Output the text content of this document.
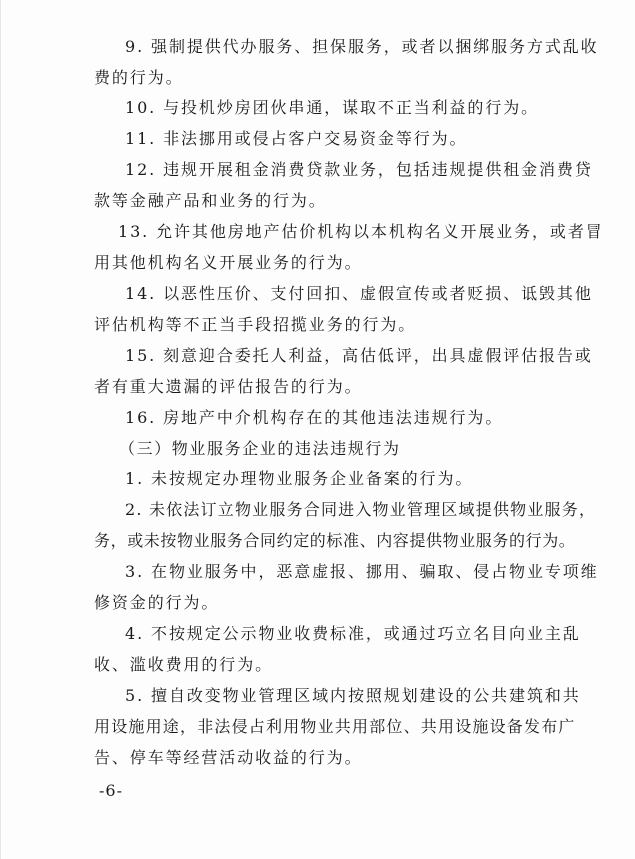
9. 强制提供代办服务、担保服务，或者以捆绑服务方式乱收
费的行为。
10. 与投机炒房团伙串通，谋取不正当利益的行为。
11. 非法挪用或侵占客户交易资金等行为。
12. 违规开展租金消费贷款业务，包括违规提供租金消费贷
款等金融产品和业务的行为。
13. 允许其他房地产估价机构以本机构名义开展业务，或者冒
用其他机构名义开展业务的行为。
14. 以恶性压价、支付回扣、虚假宣传或者贬损、诋毁其他
评估机构等不正当手段招揽业务的行为。
15. 刻意迎合委托人利益，高估低评，出具虚假评估报告或
者有重大遗漏的评估报告的行为。
16. 房地产中介机构存在的其他违法违规行为。
（三）物业服务企业的违法违规行为
1. 未按规定办理物业服务企业备案的行为。
2. 未依法订立物业服务合同进入物业管理区域提供物业服务，
务，或未按物业服务合同约定的标准、内容提供物业服务的行为。
3. 在物业服务中，恶意虚报、挪用、骗取、侵占物业专项维
修资金的行为。
4. 不按规定公示物业收费标准，或通过巧立名目向业主乱
收、滥收费用的行为。
5. 擅自改变物业管理区域内按照规划建设的公共建筑和共
用设施用途，非法侵占利用物业共用部位、共用设施设备发布广
告、停车等经营活动收益的行为。
-6-
